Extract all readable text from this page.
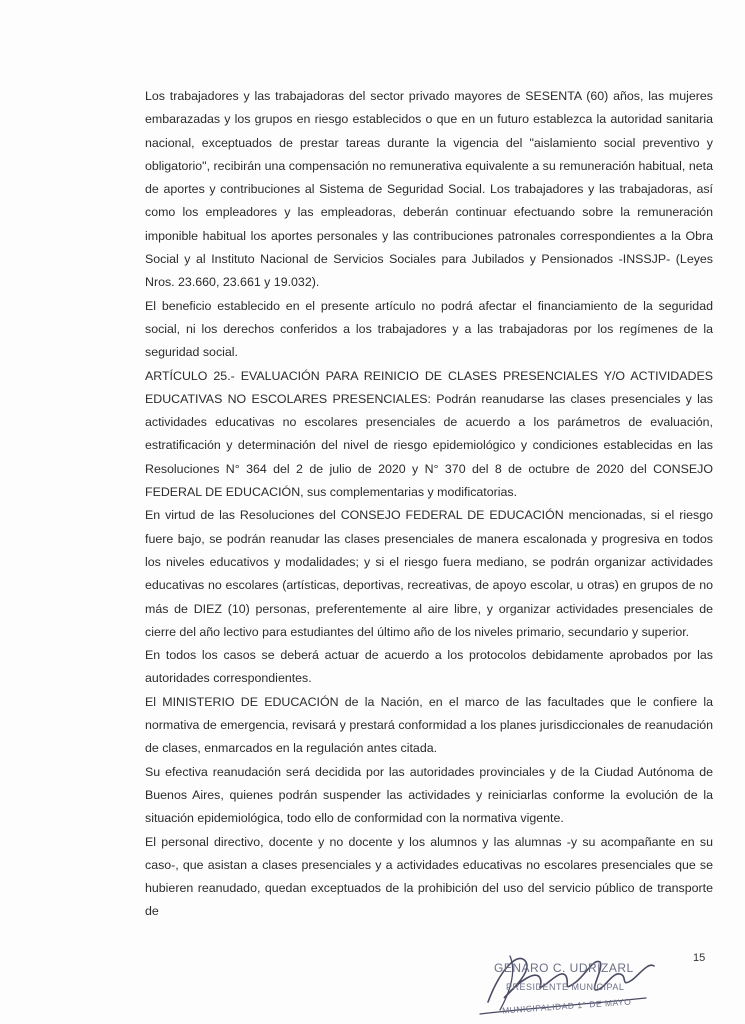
Los trabajadores y las trabajadoras del sector privado mayores de SESENTA (60) años, las mujeres embarazadas y los grupos en riesgo establecidos o que en un futuro establezca la autoridad sanitaria nacional, exceptuados de prestar tareas durante la vigencia del "aislamiento social preventivo y obligatorio", recibirán una compensación no remunerativa equivalente a su remuneración habitual, neta de aportes y contribuciones al Sistema de Seguridad Social. Los trabajadores y las trabajadoras, así como los empleadores y las empleadoras, deberán continuar efectuando sobre la remuneración imponible habitual los aportes personales y las contribuciones patronales correspondientes a la Obra Social y al Instituto Nacional de Servicios Sociales para Jubilados y Pensionados -INSSJP- (Leyes Nros. 23.660, 23.661 y 19.032).

El beneficio establecido en el presente artículo no podrá afectar el financiamiento de la seguridad social, ni los derechos conferidos a los trabajadores y a las trabajadoras por los regímenes de la seguridad social.

ARTÍCULO 25.- EVALUACIÓN PARA REINICIO DE CLASES PRESENCIALES Y/O ACTIVIDADES EDUCATIVAS NO ESCOLARES PRESENCIALES: Podrán reanudarse las clases presenciales y las actividades educativas no escolares presenciales de acuerdo a los parámetros de evaluación, estratificación y determinación del nivel de riesgo epidemiológico y condiciones establecidas en las Resoluciones N° 364 del 2 de julio de 2020 y N° 370 del 8 de octubre de 2020 del CONSEJO FEDERAL DE EDUCACIÓN, sus complementarias y modificatorias.

En virtud de las Resoluciones del CONSEJO FEDERAL DE EDUCACIÓN mencionadas, si el riesgo fuere bajo, se podrán reanudar las clases presenciales de manera escalonada y progresiva en todos los niveles educativos y modalidades; y si el riesgo fuera mediano, se podrán organizar actividades educativas no escolares (artísticas, deportivas, recreativas, de apoyo escolar, u otras) en grupos de no más de DIEZ (10) personas, preferentemente al aire libre, y organizar actividades presenciales de cierre del año lectivo para estudiantes del último año de los niveles primario, secundario y superior.

En todos los casos se deberá actuar de acuerdo a los protocolos debidamente aprobados por las autoridades correspondientes.

El MINISTERIO DE EDUCACIÓN de la Nación, en el marco de las facultades que le confiere la normativa de emergencia, revisará y prestará conformidad a los planes jurisdiccionales de reanudación de clases, enmarcados en la regulación antes citada.

Su efectiva reanudación será decidida por las autoridades provinciales y de la Ciudad Autónoma de Buenos Aires, quienes podrán suspender las actividades y reiniciarlas conforme la evolución de la situación epidemiológica, todo ello de conformidad con la normativa vigente.

El personal directivo, docente y no docente y los alumnos y las alumnas -y su acompañante en su caso-, que asistan a clases presenciales y a actividades educativas no escolares presenciales que se hubieren reanudado, quedan exceptuados de la prohibición del uso del servicio público de transporte de

15
GENARO C. UDRIZARL
PRESIDENTE MUNICIPAL
MUNICIPALIDAD 1° DE MAYO
